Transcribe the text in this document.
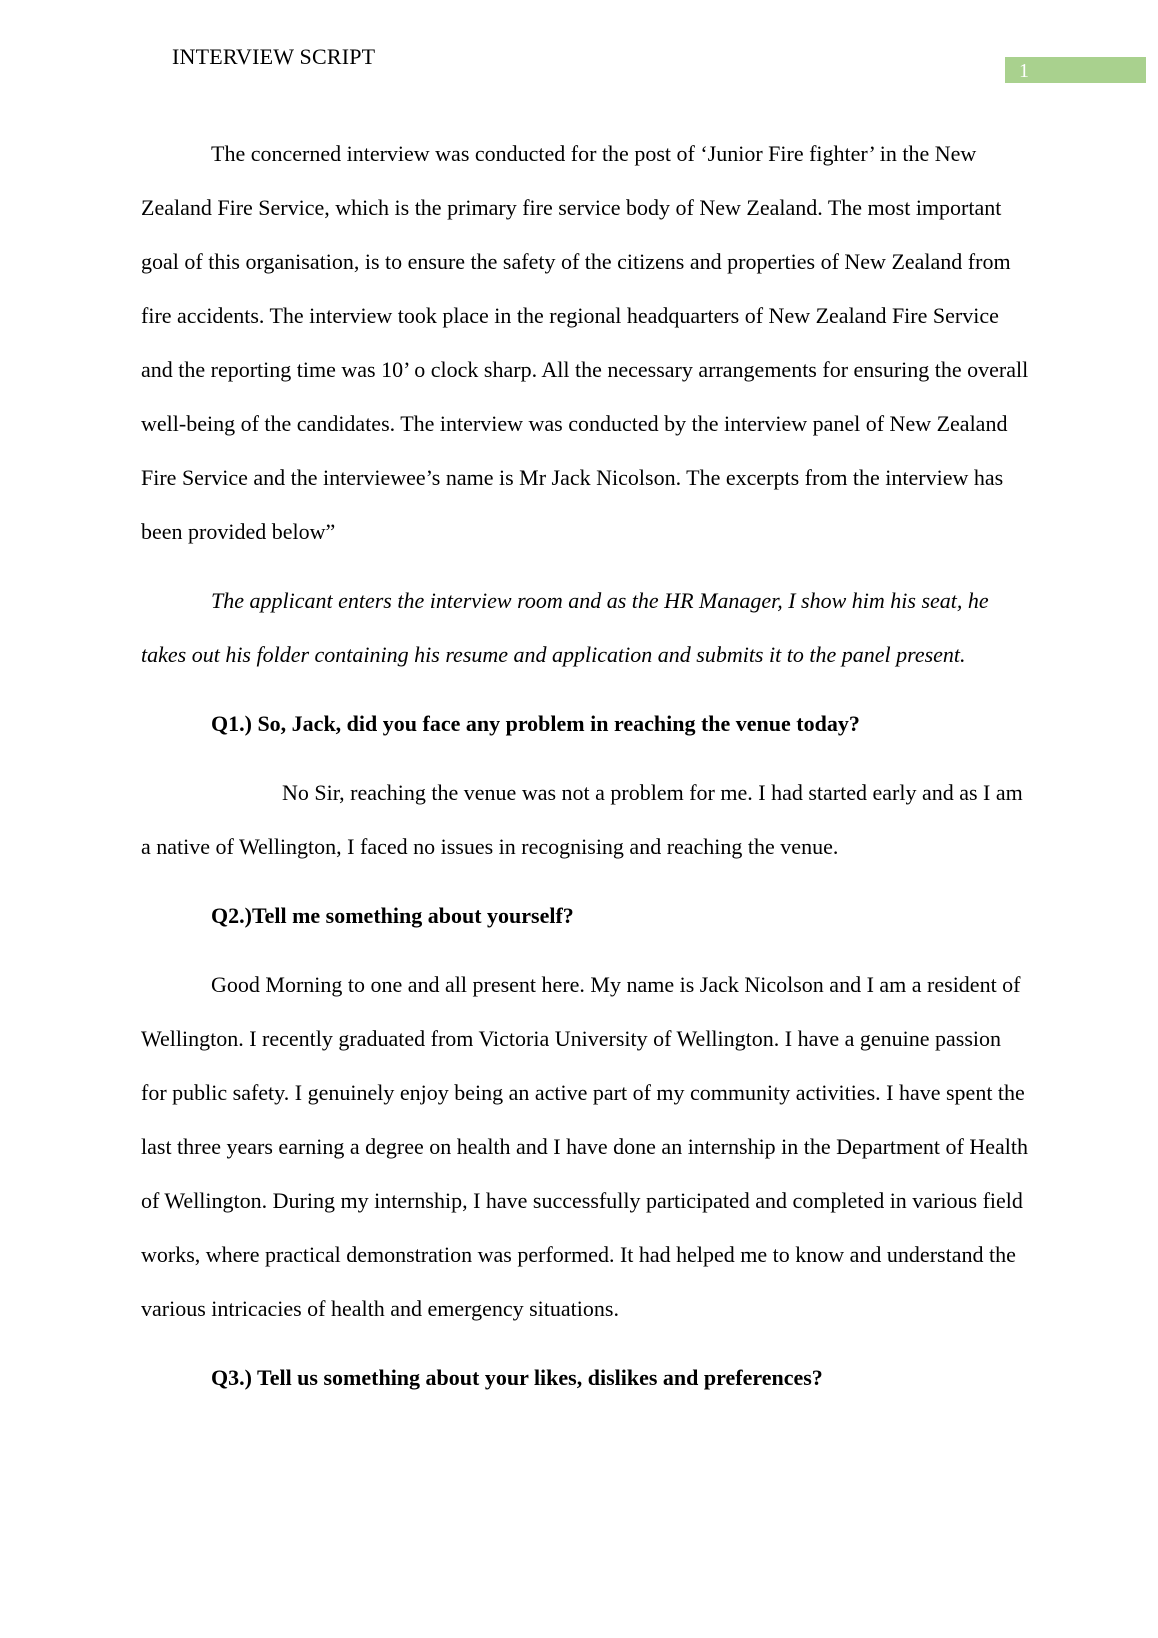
INTERVIEW SCRIPT
1

The concerned interview was conducted for the post of ‘Junior Fire fighter’ in the New Zealand Fire Service, which is the primary fire service body of New Zealand. The most important goal of this organisation, is to ensure the safety of the citizens and properties of New Zealand from fire accidents. The interview took place in the regional headquarters of New Zealand Fire Service and the reporting time was 10’ o clock sharp. All the necessary arrangements for ensuring the overall well-being of the candidates. The interview was conducted by the interview panel of New Zealand Fire Service and the interviewee’s name is Mr Jack Nicolson. The excerpts from the interview has been provided below”

The applicant enters the interview room and as the HR Manager, I show him his seat, he takes out his folder containing his resume and application and submits it to the panel present.

Q1.) So, Jack, did you face any problem in reaching the venue today?

No Sir, reaching the venue was not a problem for me. I had started early and as I am a native of Wellington, I faced no issues in recognising and reaching the venue.

Q2.)Tell me something about yourself?

Good Morning to one and all present here. My name is Jack Nicolson and I am a resident of Wellington. I recently graduated from Victoria University of Wellington. I have a genuine passion for public safety. I genuinely enjoy being an active part of my community activities. I have spent the last three years earning a degree on health and I have done an internship in the Department of Health of Wellington. During my internship, I have successfully participated and completed in various field works, where practical demonstration was performed. It had helped me to know and understand the various intricacies of health and emergency situations.

Q3.) Tell us something about your likes, dislikes and preferences?
